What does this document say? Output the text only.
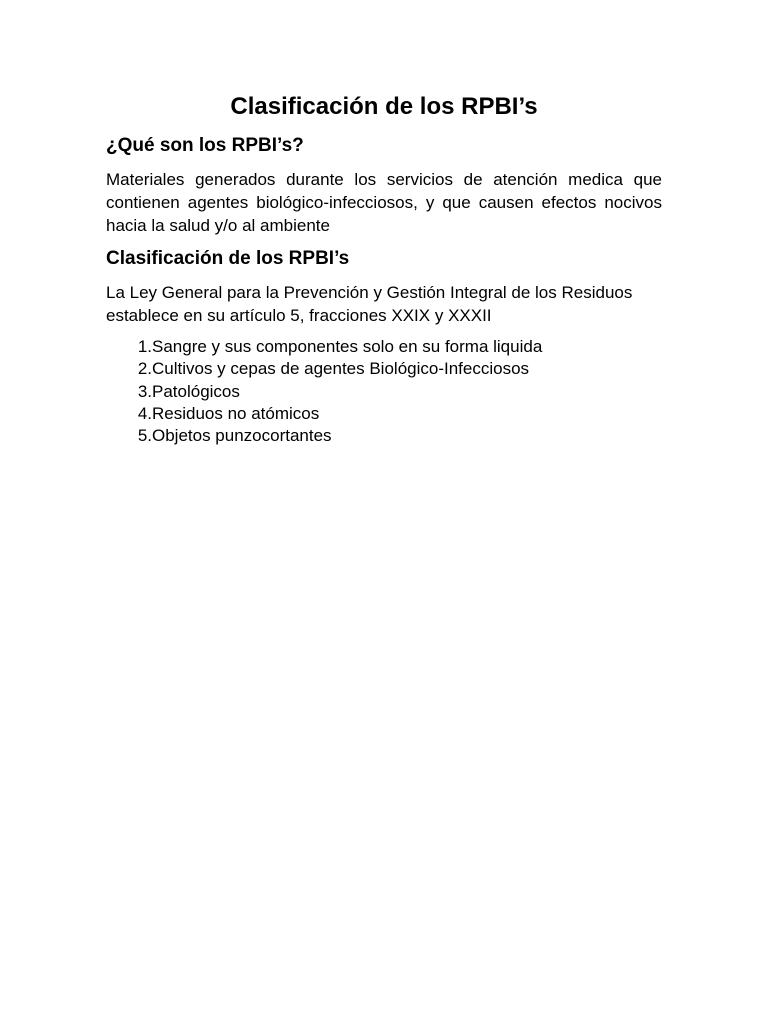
Clasificación de los RPBI’s
¿Qué son los RPBI’s?

Materiales generados durante los servicios de atención medica que contienen agentes biológico-infecciosos, y que causen efectos nocivos hacia la salud y/o al ambiente

Clasificación de los RPBI’s

La Ley General para la Prevención y Gestión Integral de los Residuos establece en su artículo 5, fracciones XXIX y XXXII

1. Sangre y sus componentes solo en su forma liquida
2. Cultivos y cepas de agentes Biológico-Infecciosos
3. Patológicos
4. Residuos no atómicos
5. Objetos punzocortantes
